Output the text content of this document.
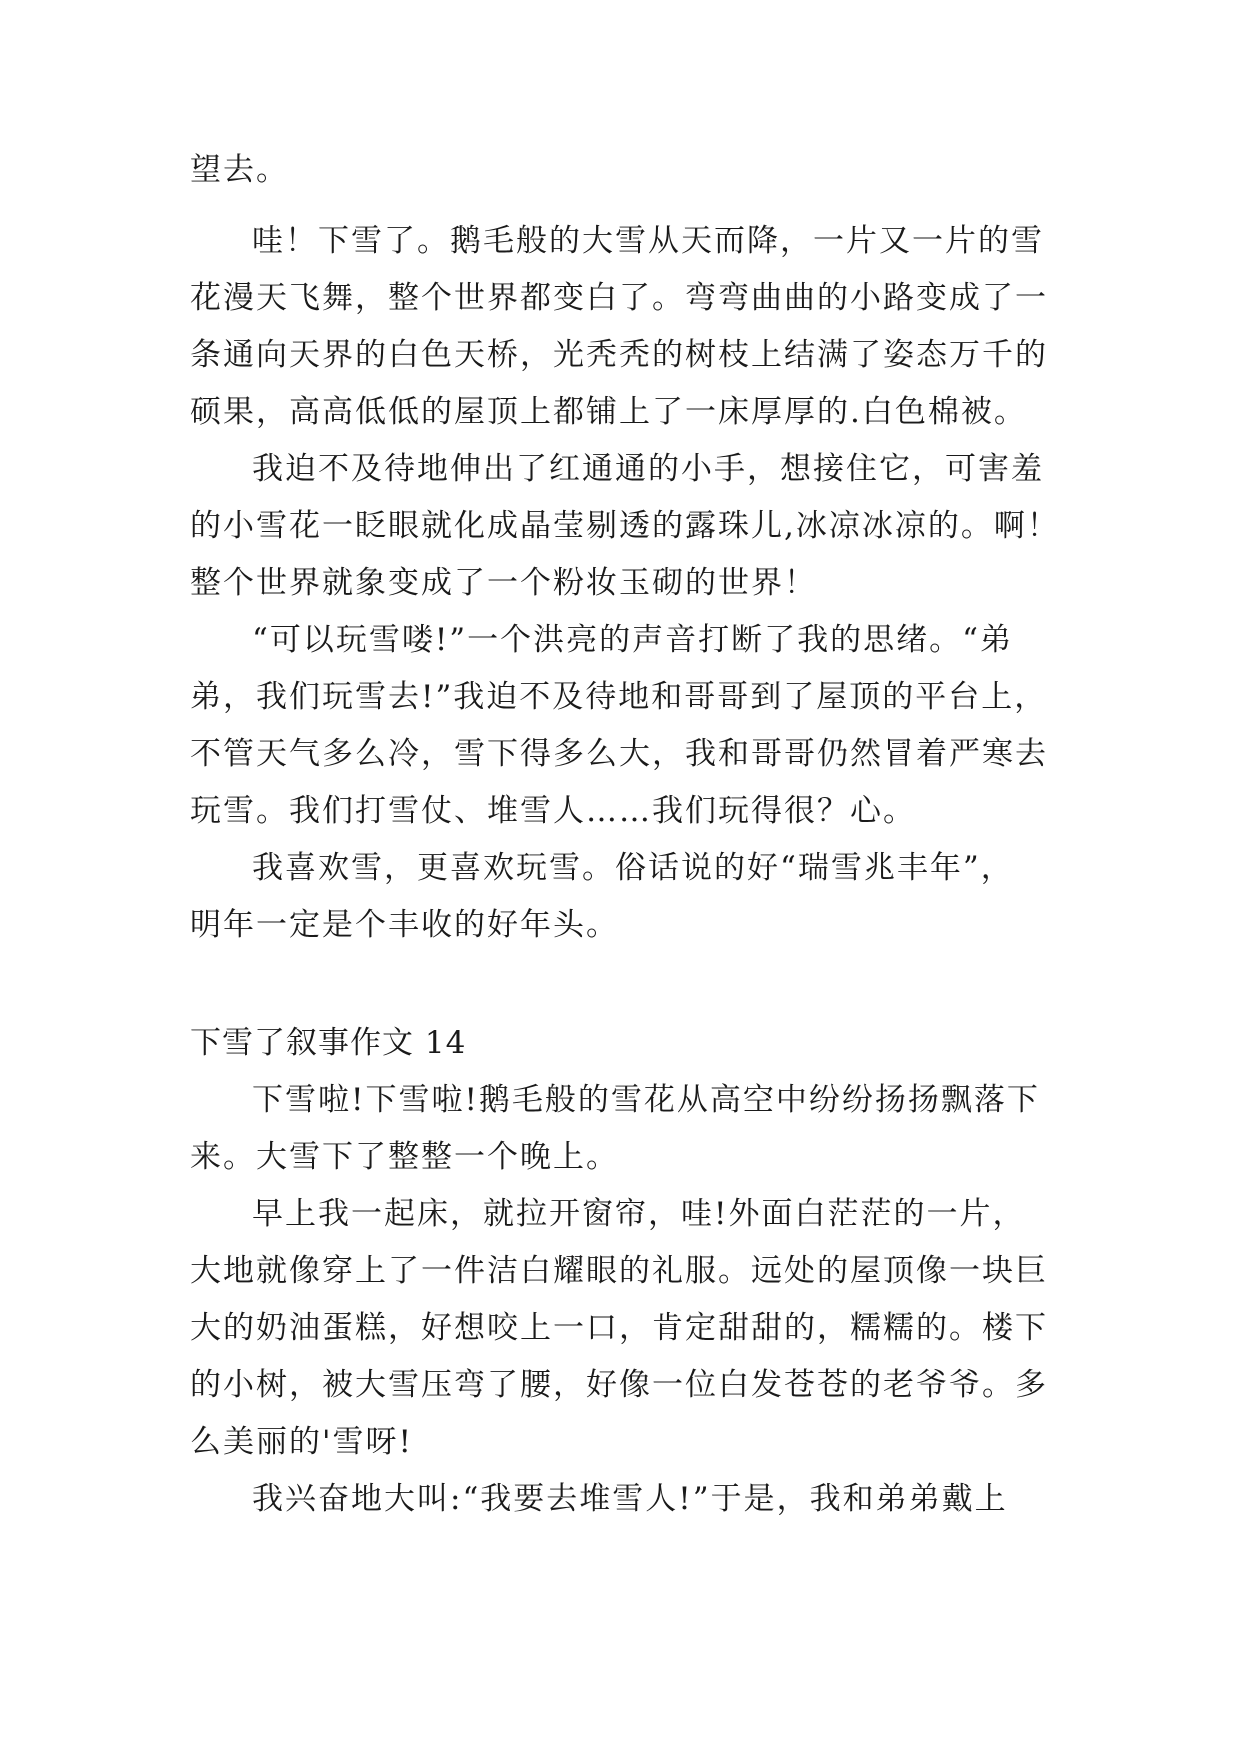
望去。
哇！下雪了。鹅毛般的大雪从天而降，一片又一片的雪
花漫天飞舞，整个世界都变白了。弯弯曲曲的小路变成了一
条通向天界的白色天桥，光秃秃的树枝上结满了姿态万千的
硕果，高高低低的屋顶上都铺上了一床厚厚的.白色棉被。
我迫不及待地伸出了红通通的小手，想接住它，可害羞
的小雪花一眨眼就化成晶莹剔透的露珠儿,冰凉冰凉的。啊！
整个世界就象变成了一个粉妆玉砌的世界！
“可以玩雪喽!”一个洪亮的声音打断了我的思绪。“弟
弟，我们玩雪去!”我迫不及待地和哥哥到了屋顶的平台上，
不管天气多么冷，雪下得多么大，我和哥哥仍然冒着严寒去
玩雪。我们打雪仗、堆雪人……我们玩得很？心。
我喜欢雪，更喜欢玩雪。俗话说的好“瑞雪兆丰年”，
明年一定是个丰收的好年头。
下雪了叙事作文 14
下雪啦!下雪啦!鹅毛般的雪花从高空中纷纷扬扬飘落下
来。大雪下了整整一个晚上。
早上我一起床，就拉开窗帘，哇!外面白茫茫的一片，
大地就像穿上了一件洁白耀眼的礼服。远处的屋顶像一块巨
大的奶油蛋糕，好想咬上一口，肯定甜甜的，糯糯的。楼下
的小树，被大雪压弯了腰，好像一位白发苍苍的老爷爷。多
么美丽的'雪呀!
我兴奋地大叫:“我要去堆雪人!”于是，我和弟弟戴上
